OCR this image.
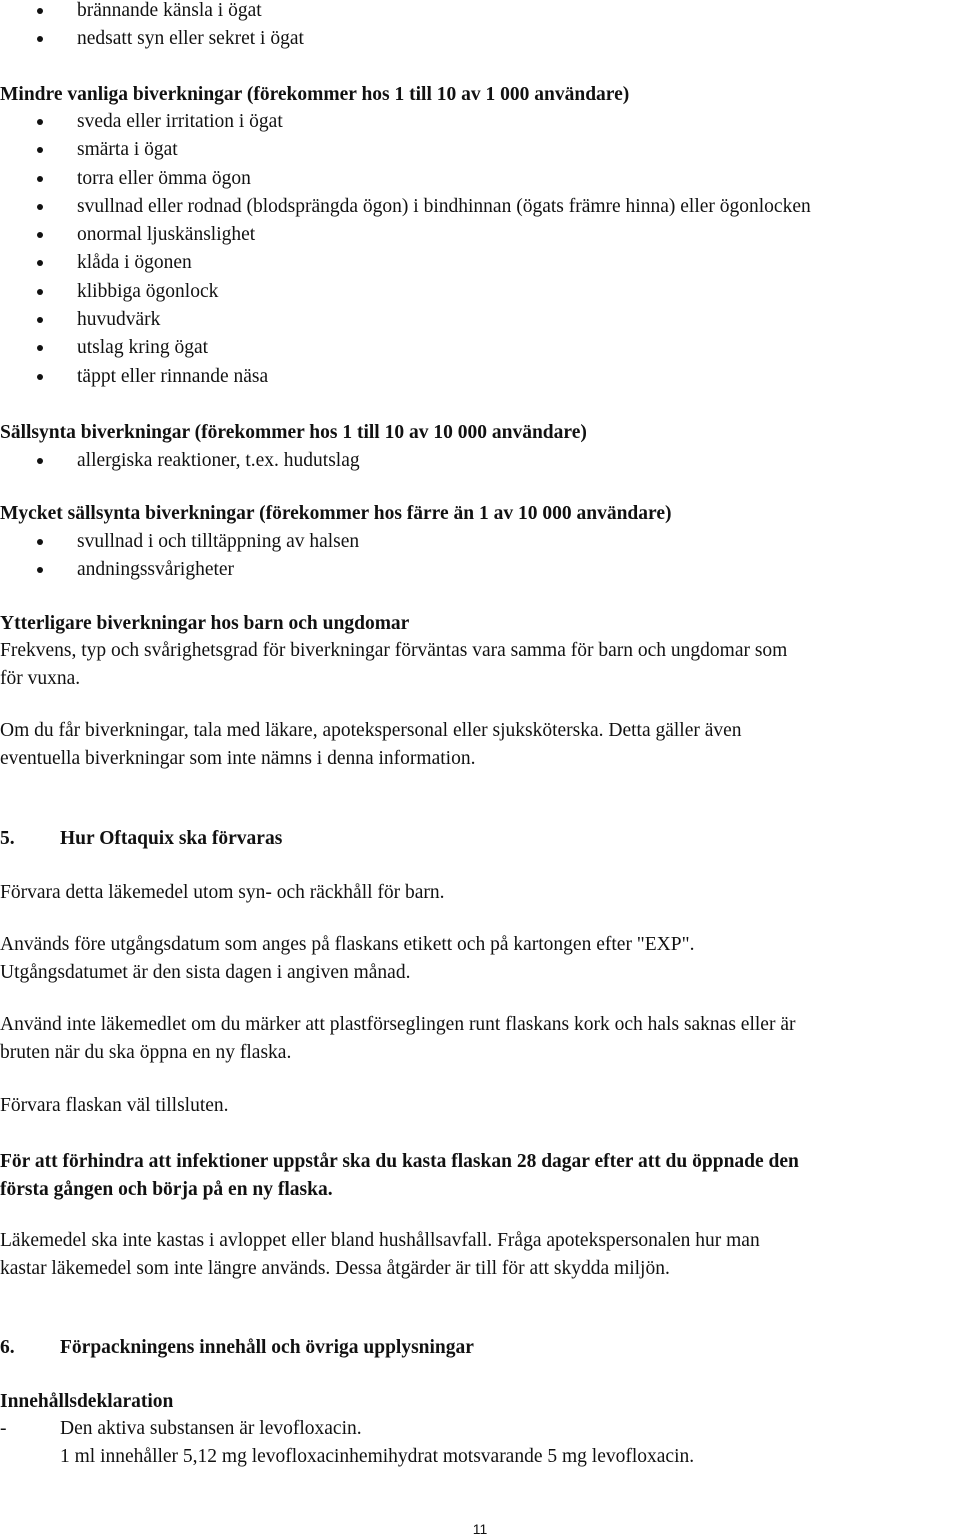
brännande känsla i ögat
nedsatt syn eller sekret i ögat
Mindre vanliga biverkningar (förekommer hos 1 till 10 av 1 000 användare)
sveda eller irritation i ögat
smärta i ögat
torra eller ömma ögon
svullnad eller rodnad (blodsprängda ögon) i bindhinnan (ögats främre hinna) eller ögonlocken
onormal ljuskänslighet
klåda i ögonen
klibbiga ögonlock
huvudvärk
utslag kring ögat
täppt eller rinnande näsa
Sällsynta biverkningar (förekommer hos 1 till 10 av 10 000 användare)
allergiska reaktioner, t.ex. hudutslag
Mycket sällsynta biverkningar (förekommer hos färre än 1 av 10 000 användare)
svullnad i och tilltäppning av halsen
andningssvårigheter
Ytterligare biverkningar hos barn och ungdomar

Frekvens, typ och svårighetsgrad för biverkningar förväntas vara samma för barn och ungdomar som
för vuxna.

Om du får biverkningar, tala med läkare, apotekspersonal eller sjuksköterska. Detta gäller även
eventuella biverkningar som inte nämns i denna information.

5. Hur Oftaquix ska förvaras

Förvara detta läkemedel utom syn- och räckhåll för barn.

Används före utgångsdatum som anges på flaskans etikett och på kartongen efter "EXP".
Utgångsdatumet är den sista dagen i angiven månad.

Använd inte läkemedlet om du märker att plastförseglingen runt flaskans kork och hals saknas eller är
bruten när du ska öppna en ny flaska.

Förvara flaskan väl tillsluten.

För att förhindra att infektioner uppstår ska du kasta flaskan 28 dagar efter att du öppnade den
första gången och börja på en ny flaska.

Läkemedel ska inte kastas i avloppet eller bland hushållsavfall. Fråga apotekspersonalen hur man
kastar läkemedel som inte längre används. Dessa åtgärder är till för att skydda miljön.

6. Förpackningens innehåll och övriga upplysningar
Innehållsdeklaration
-	Den aktiva substansen är levofloxacin.
1 ml innehåller 5,12 mg levofloxacinhemihydrat motsvarande 5 mg levofloxacin.
11
